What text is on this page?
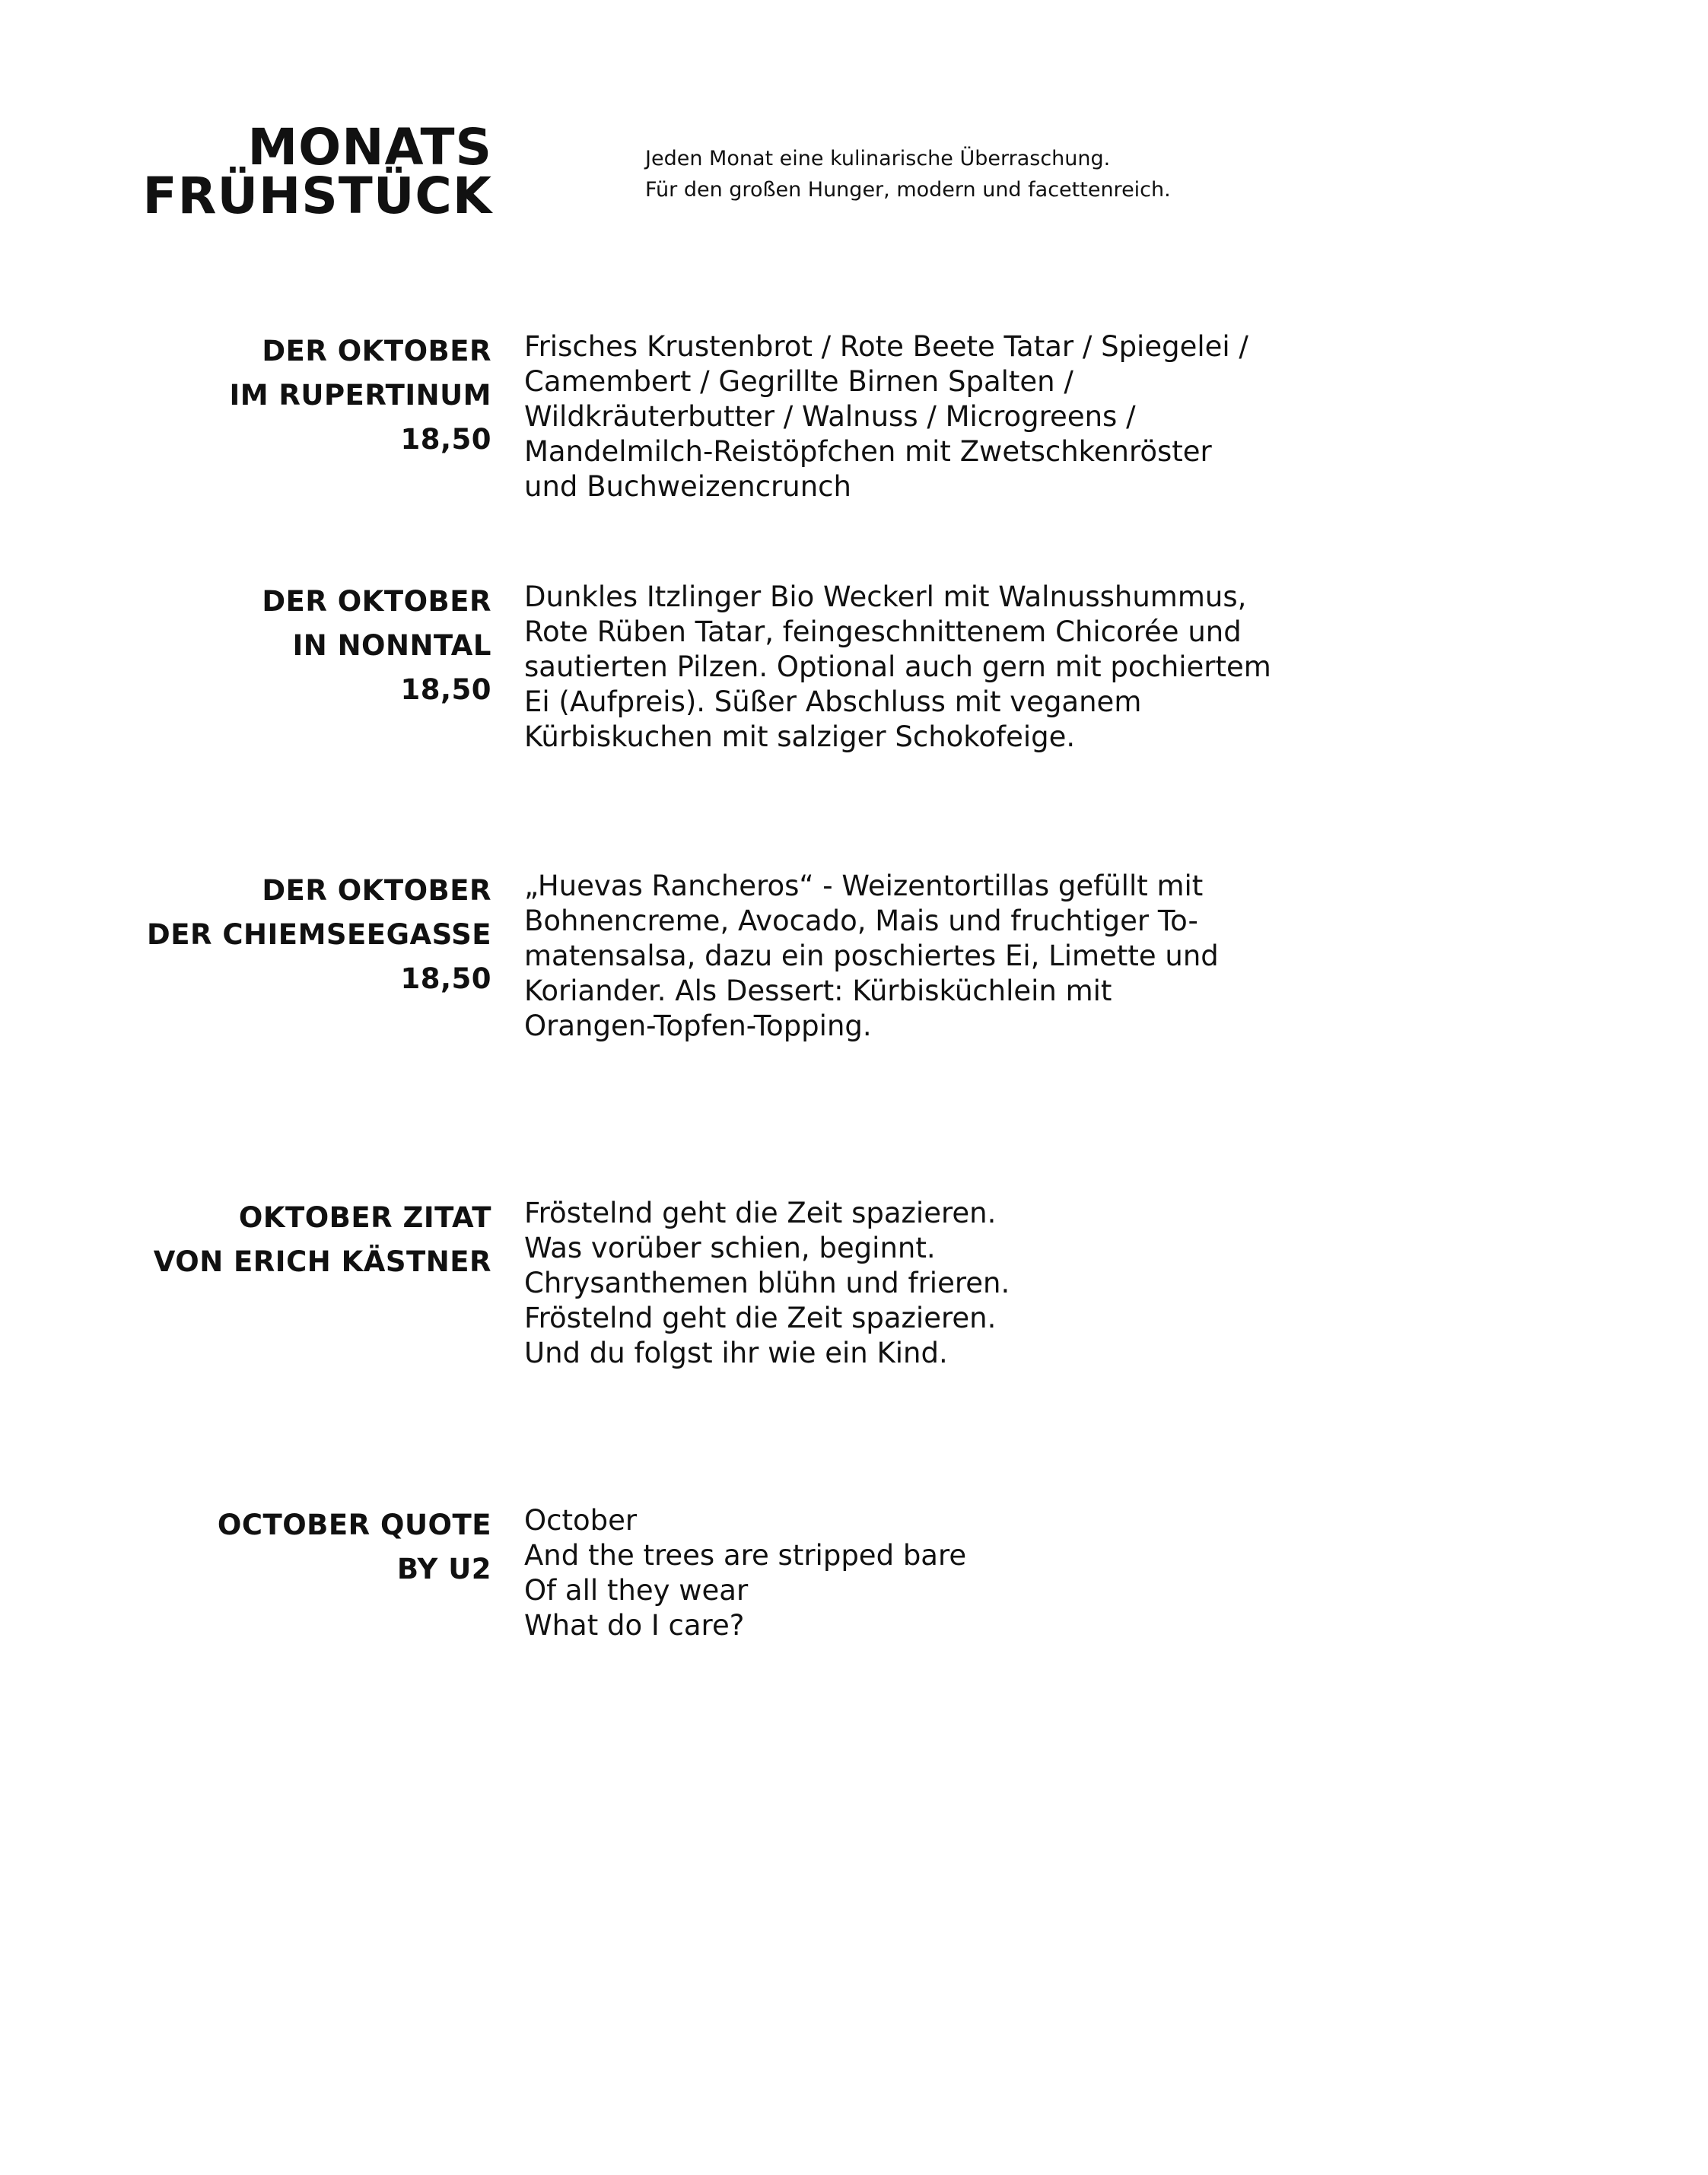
MONATS
FRÜHSTÜCK
Jeden Monat eine kulinarische Überraschung.
Für den großen Hunger, modern und facettenreich.
DER OKTOBER
IM RUPERTINUM
18,50
Frisches Krustenbrot / Rote Beete Tatar / Spiegelei /
Camembert / Gegrillte Birnen Spalten /
Wildkräuterbutter / Walnuss / Microgreens /
Mandelmilch-Reistöpfchen mit Zwetschkenröster
und Buchweizencrunch
DER OKTOBER
IN NONNTAL
18,50
Dunkles Itzlinger Bio Weckerl mit Walnusshummus,
Rote Rüben Tatar, feingeschnittenem Chicorée und
sautierten Pilzen. Optional auch gern mit pochiertem
Ei (Aufpreis). Süßer Abschluss mit veganem
Kürbiskuchen mit salziger Schokofeige.
DER OKTOBER
DER CHIEMSEEGASSE
18,50
„Huevas Rancheros“ - Weizentortillas gefüllt mit
Bohnencreme, Avocado, Mais und fruchtiger To-
matensalsa, dazu ein poschiertes Ei, Limette und
Koriander. Als Dessert: Kürbisküchlein mit
Orangen-Topfen-Topping.
OKTOBER ZITAT
VON ERICH KÄSTNER
Fröstelnd geht die Zeit spazieren.
Was vorüber schien, beginnt.
Chrysanthemen blühn und frieren.
Fröstelnd geht die Zeit spazieren.
Und du folgst ihr wie ein Kind.
OCTOBER QUOTE
BY U2
October
And the trees are stripped bare
Of all they wear
What do I care?
